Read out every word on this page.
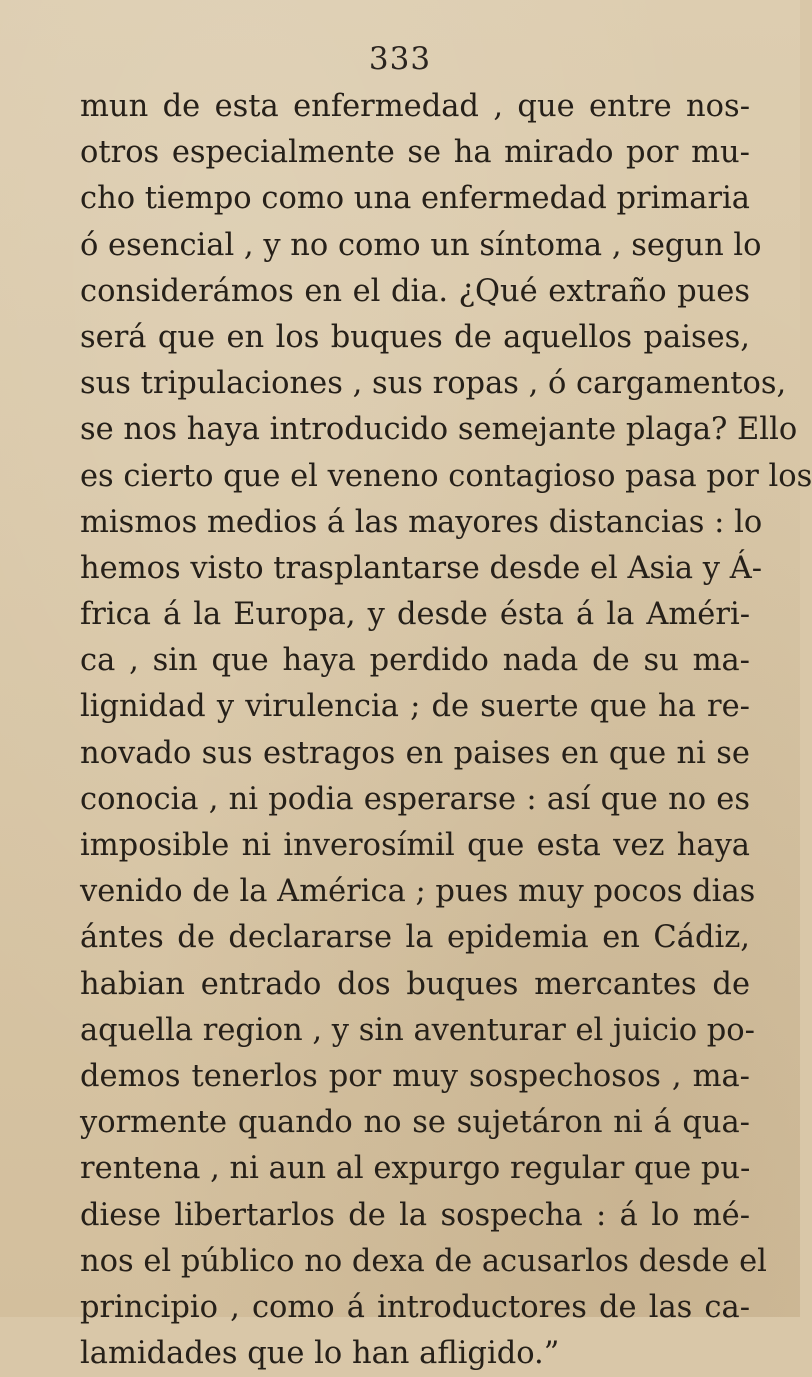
333
mun de esta enfermedad , que entre nos-
otros especialmente se ha mirado por mu-
cho tiempo como una enfermedad primaria
ó esencial , y no como un síntoma , segun lo
considerámos en el dia. ¿Qué extraño pues
será que en los buques de aquellos paises,
sus tripulaciones , sus ropas , ó cargamentos,
se nos haya introducido semejante plaga? Ello
es cierto que el veneno contagioso pasa por los
mismos medios á las mayores distancias : lo
hemos visto trasplantarse desde el Asia y Á-
frica á la Europa, y desde ésta á la Améri-
ca , sin que haya perdido nada de su ma-
lignidad y virulencia ; de suerte que ha re-
novado sus estragos en paises en que ni se
conocia , ni podia esperarse : así que no es
imposible ni inverosímil que esta vez haya
venido de la América ; pues muy pocos dias
ántes de declararse la epidemia en Cádiz,
habian entrado dos buques mercantes de
aquella region , y sin aventurar el juicio po-
demos tenerlos por muy sospechosos , ma-
yormente quando no se sujetáron ni á qua-
rentena , ni aun al expurgo regular que pu-
diese libertarlos de la sospecha : á lo mé-
nos el público no dexa de acusarlos desde el
principio , como á introductores de las ca-
lamidades que lo han afligido.”
